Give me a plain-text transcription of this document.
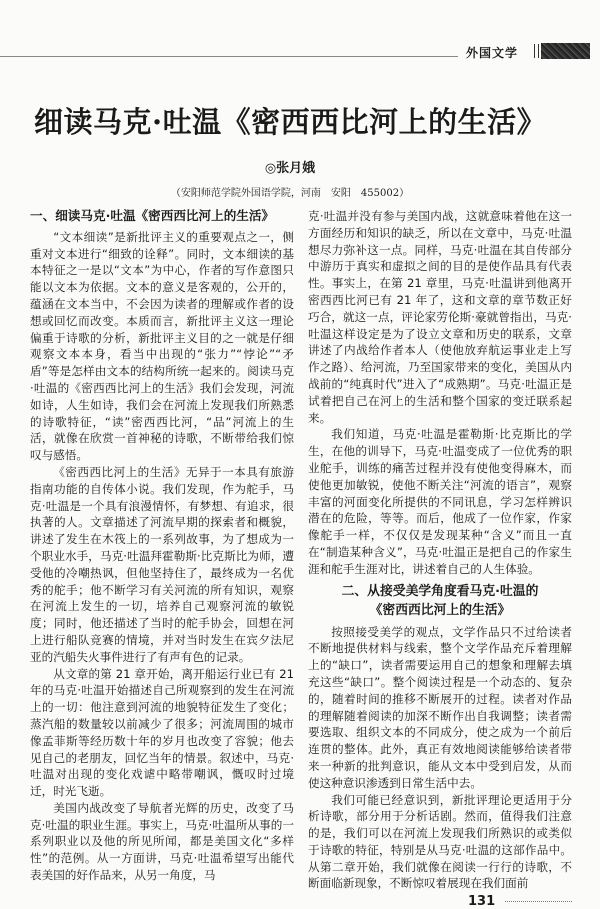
外国文学
细读马克·吐温《密西西比河上的生活》
◎张月娥
（安阳师范学院外国语学院，河南　安阳　455002）
一、细读马克·吐温《密西西比河上的生活》

“文本细读”是新批评主义的重要观点之一，侧重对文本进行“细致的诠释”。同时，文本细读的基本特征之一是以“文本”为中心，作者的写作意图只能以文本为依据。文本的意义是客观的，公开的，蕴涵在文本当中，不会因为读者的理解或作者的设想或回忆而改变。本质而言，新批评主义这一理论偏重于诗歌的分析，新批评主义目的之一就是仔细观察文本本身，看当中出现的“张力”“悖论”“矛盾”等是怎样由文本的结构所统一起来的。阅读马克·吐温的《密西西比河上的生活》我们会发现，河流如诗，人生如诗，我们会在河流上发现我们所熟悉的诗歌特征，“读”密西西比河，“品”河流上的生活，就像在欣赏一首神秘的诗歌，不断带给我们惊叹与感悟。

《密西西比河上的生活》无异于一本具有旅游指南功能的自传体小说。我们发现，作为舵手，马克·吐温是一个具有浪漫情怀，有梦想、有追求，很执著的人。文章描述了河流早期的探索者和概貌，讲述了发生在木筏上的一系列故事，为了想成为一个职业水手，马克·吐温拜霍勒斯·比克斯比为师，遭受他的冷嘲热讽，但他坚持住了，最终成为一名优秀的舵手；他不断学习有关河流的所有知识，观察在河流上发生的一切，培养自己观察河流的敏锐度；同时，他还描述了当时的舵手协会，回想在河上进行船队竞赛的情境，并对当时发生在宾夕法尼亚的汽船失火事件进行了有声有色的记录。

从文章的第 21 章开始，离开船运行业已有 21 年的马克·吐温开始描述自己所观察到的发生在河流上的一切：他注意到河流的地貌特征发生了变化；蒸汽船的数量较以前减少了很多；河流周围的城市像孟菲斯等经历数十年的岁月也改变了容貌；他去见自己的老朋友，回忆当年的情景。叙述中，马克·吐温对出现的变化戏谑中略带嘲讽，慨叹时过境迁，时光飞逝。

美国内战改变了导航者光辉的历史，改变了马克·吐温的职业生涯。事实上，马克·吐温所从事的一系列职业以及他的所见所闻，都是美国文化“多样性”的范例。从一方面讲，马克·吐温希望写出能代表美国的好作品来，从另一角度，马

克·吐温并没有参与美国内战，这就意味着他在这一方面经历和知识的缺乏，所以在文章中，马克·吐温想尽力弥补这一点。同样，马克·吐温在其自传部分中游历于真实和虚拟之间的目的是使作品具有代表性。事实上，在第 21 章里，马克·吐温讲到他离开密西西比河已有 21 年了，这和文章的章节数正好巧合，就这一点，评论家劳伦斯·豪就曾指出，马克·吐温这样设定是为了设立文章和历史的联系，文章讲述了内战给作者本人（使他放弃航运事业走上写作之路）、给河流，乃至国家带来的变化，美国从内战前的“纯真时代”进入了“成熟期”。马克·吐温正是试着把自己在河上的生活和整个国家的变迁联系起来。

我们知道，马克·吐温是霍勒斯·比克斯比的学生，在他的训导下，马克·吐温变成了一位优秀的职业舵手，训练的痛苦过程并没有使他变得麻木，而使他更加敏锐，使他不断关注“河流的语言”，观察丰富的河面变化所提供的不同讯息，学习怎样辨识潜在的危险，等等。而后，他成了一位作家，作家像舵手一样，不仅仅是发现某种“含义”而且一直在“制造某种含义”，马克·吐温正是把自己的作家生涯和舵手生涯对比，讲述着自己的人生体验。

二、从接受美学角度看马克·吐温的
《密西西比河上的生活》

按照接受美学的观点，文学作品只不过给读者不断地提供材料与线索，整个文学作品充斥着理解上的“缺口”，读者需要运用自己的想象和理解去填充这些“缺口”。整个阅读过程是一个动态的、复杂的，随着时间的推移不断展开的过程。读者对作品的理解随着阅读的加深不断作出自我调整；读者需要选取、组织文本的不同成分，使之成为一个前后连贯的整体。此外，真正有效地阅读能够给读者带来一种新的批判意识，能从文本中受到启发，从而使这种意识渗透到日常生活中去。

我们可能已经意识到，新批评理论更适用于分析诗歌，部分用于分析话剧。然而，值得我们注意的是，我们可以在河流上发现我们所熟识的或类似于诗歌的特征，特别是从马克·吐温的这部作品中。从第二章开始，我们就像在阅读一行行的诗歌，不断面临新现象，不断惊叹着展现在我们面前

131
